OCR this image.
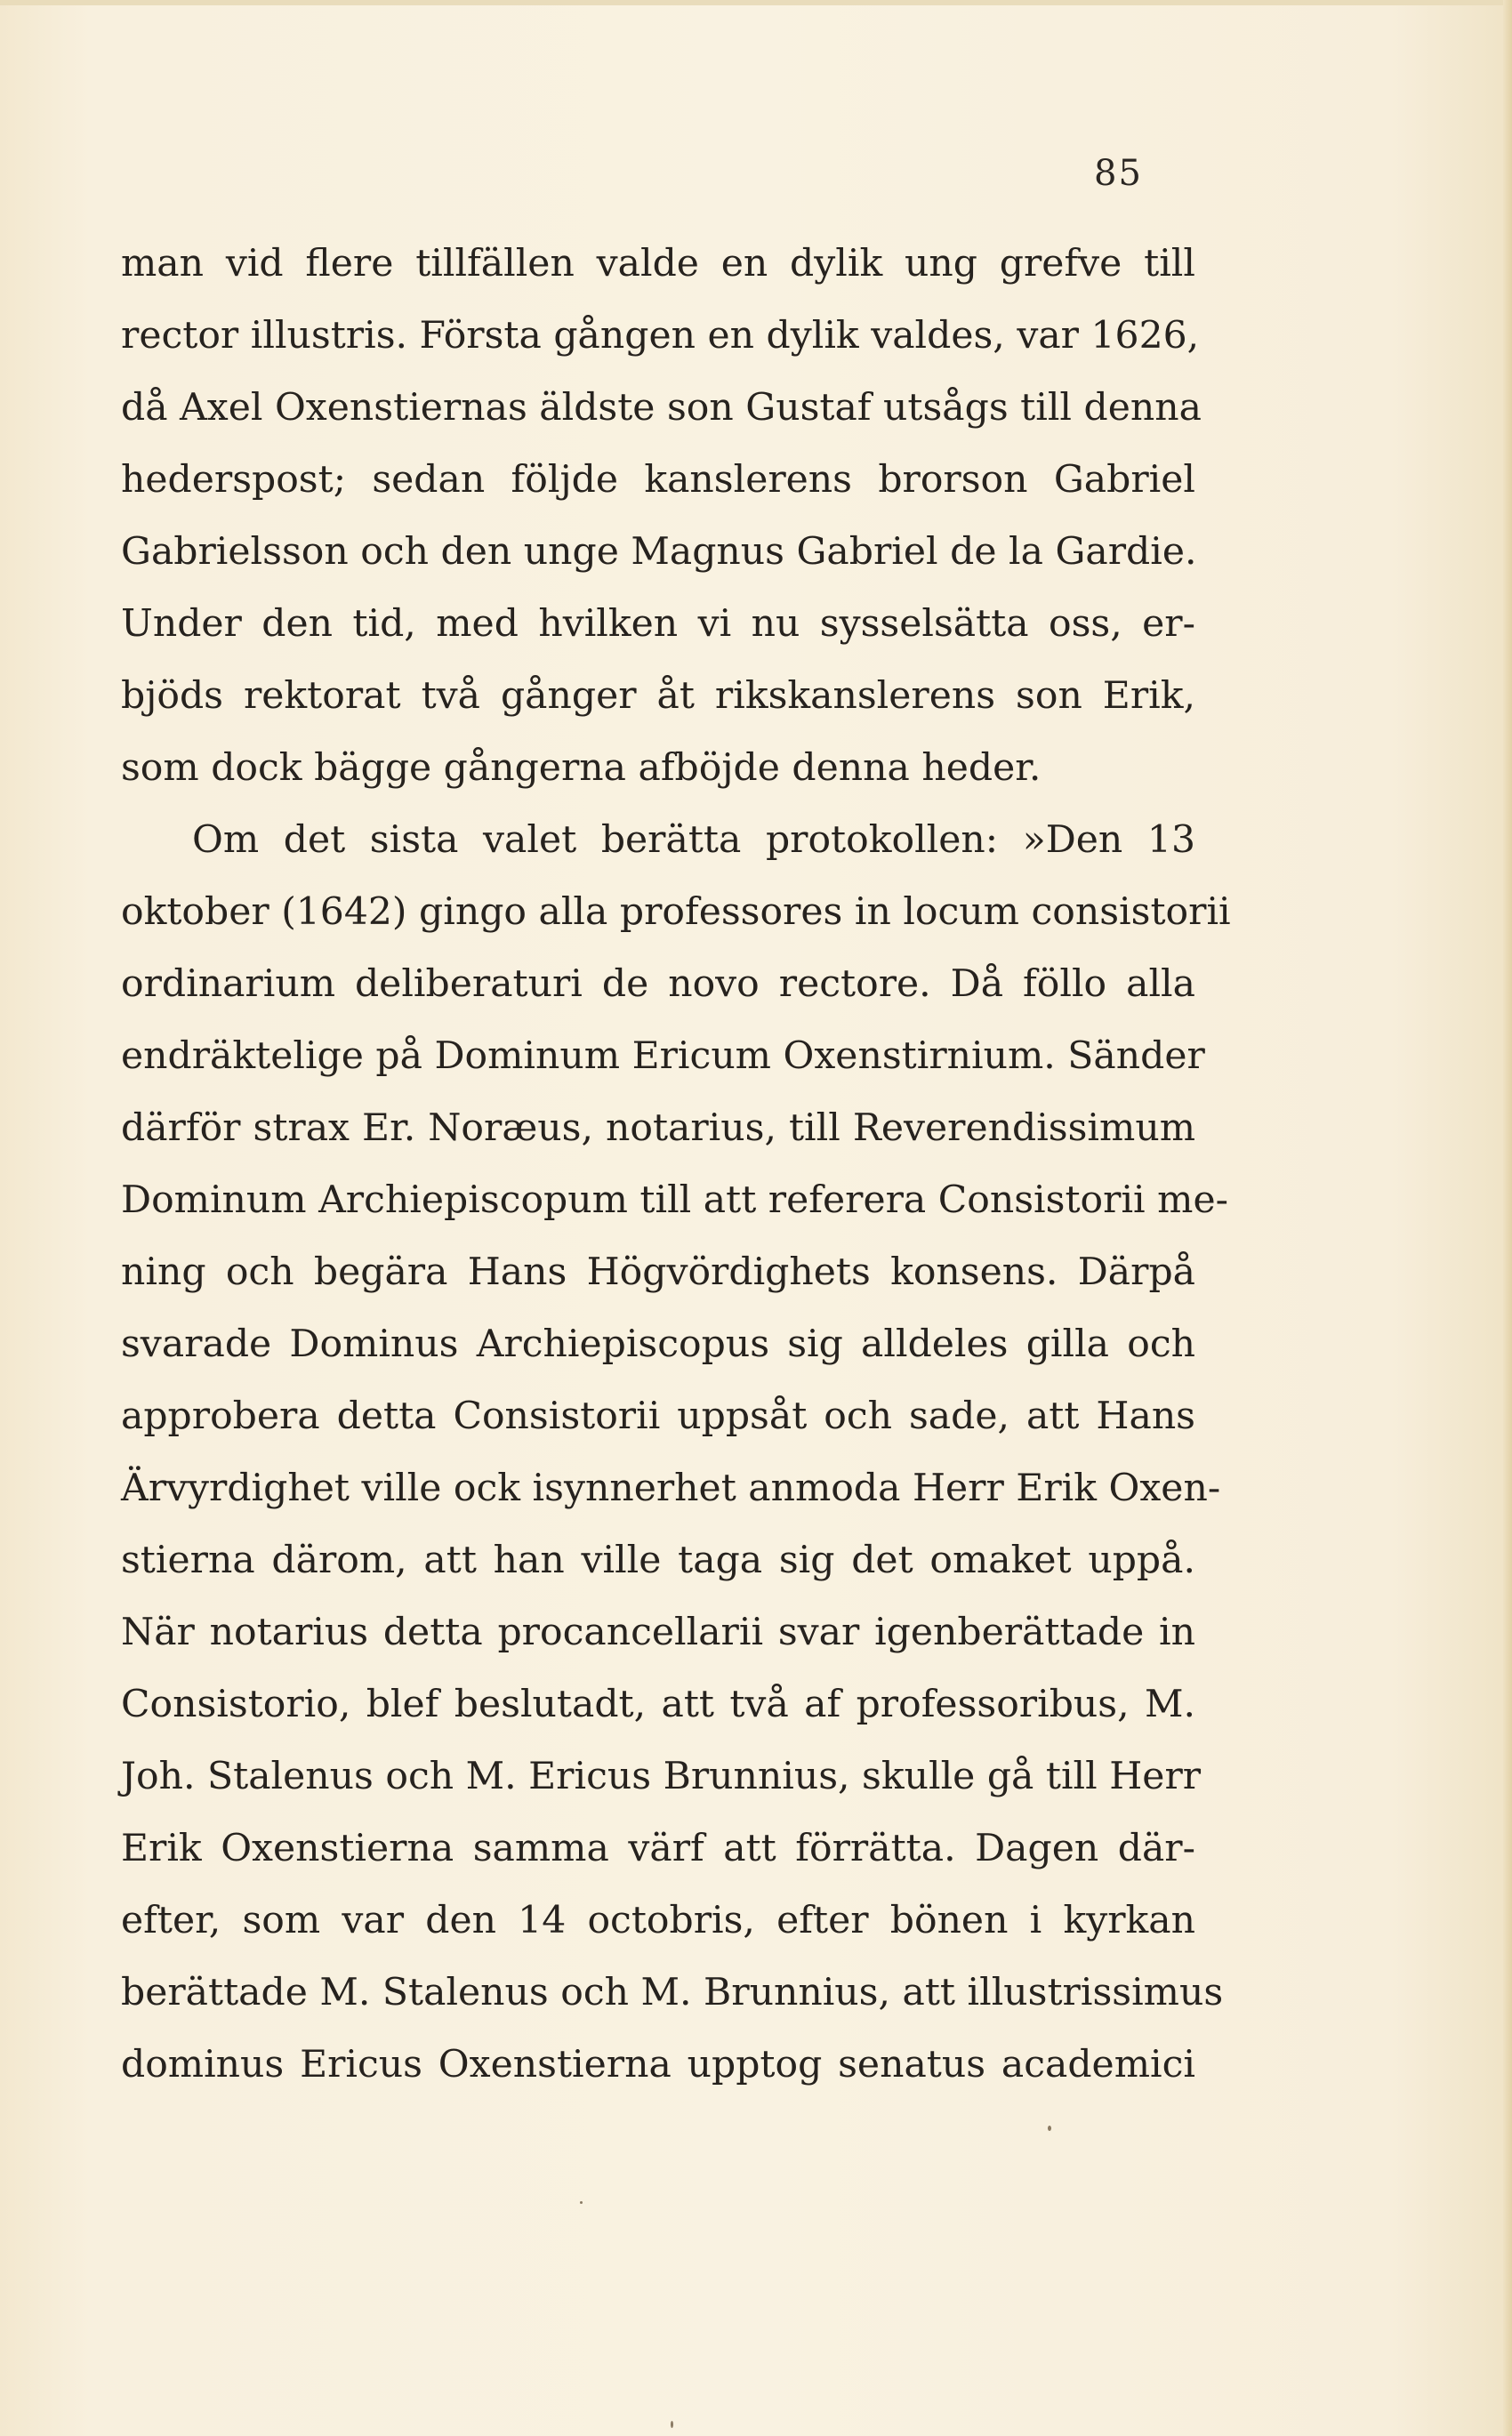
85
man vid flere tillfällen valde en dylik ung grefve till
rector illustris. Första gången en dylik valdes, var 1626,
då Axel Oxenstiernas äldste son Gustaf utsågs till denna
hederspost; sedan följde kanslerens brorson Gabriel
Gabrielsson och den unge Magnus Gabriel de la Gardie.
Under den tid, med hvilken vi nu sysselsätta oss, er-
bjöds rektorat två gånger åt rikskanslerens son Erik,
som dock bägge gångerna afböjde denna heder.
Om det sista valet berätta protokollen: »Den 13
oktober (1642) gingo alla professores in locum consistorii
ordinarium deliberaturi de novo rectore. Då föllo alla
endräktelige på Dominum Ericum Oxenstirnium. Sänder
därför strax Er. Noræus, notarius, till Reverendissimum
Dominum Archiepiscopum till att referera Consistorii me-
ning och begära Hans Högvördighets konsens. Därpå
svarade Dominus Archiepiscopus sig alldeles gilla och
approbera detta Consistorii uppsåt och sade, att Hans
Ärvyrdighet ville ock isynnerhet anmoda Herr Erik Oxen-
stierna därom, att han ville taga sig det omaket uppå.
När notarius detta procancellarii svar igenberättade in
Consistorio, blef beslutadt, att två af professoribus, M.
Joh. Stalenus och M. Ericus Brunnius, skulle gå till Herr
Erik Oxenstierna samma värf att förrätta. Dagen där-
efter, som var den 14 octobris, efter bönen i kyrkan
berättade M. Stalenus och M. Brunnius, att illustrissimus
dominus Ericus Oxenstierna upptog senatus academici
